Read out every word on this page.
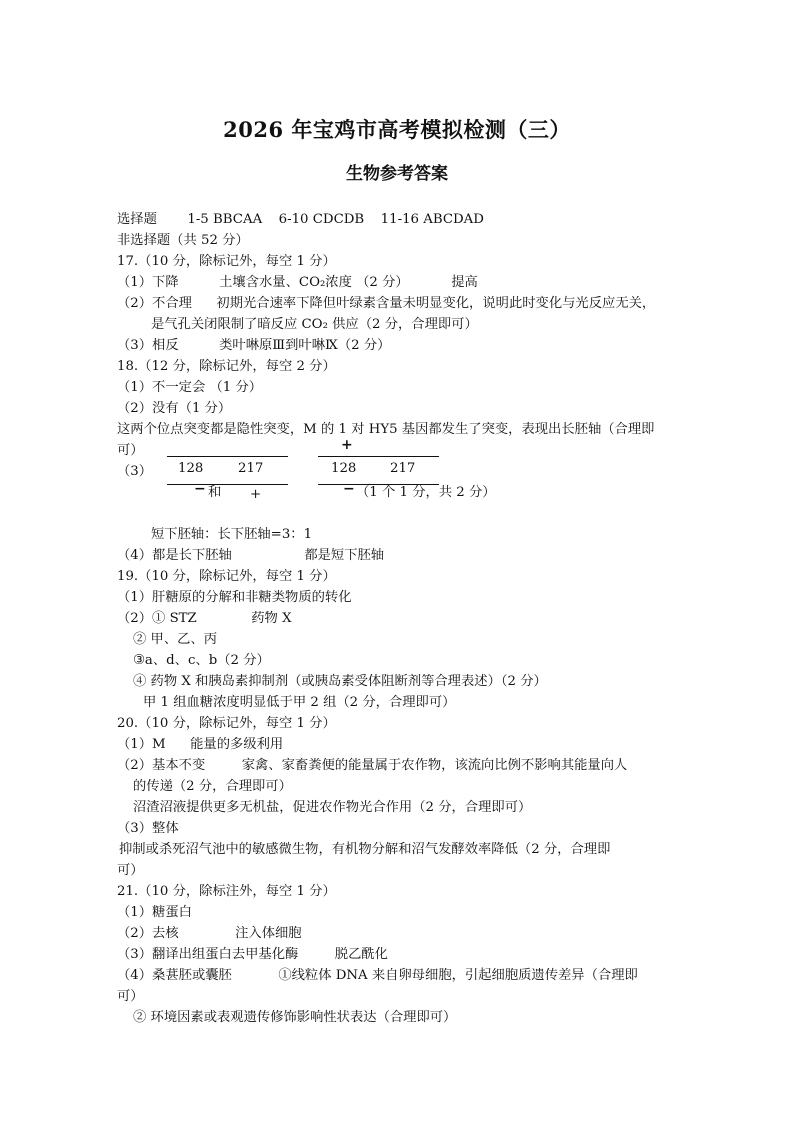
2026 年宝鸡市高考模拟检测（三）
生物参考答案
选择题 1-5 BBCAA 6-10 CDCDB 11-16 ABCDAD
非选择题（共 52 分）
17.（10 分，除标记外，每空 1 分）
（1）下降	土壤含水量、CO₂浓度 （2 分）	提高
（2）不合理 初期光合速率下降但叶绿素含量未明显变化，说明此时变化与光反应无关，
是气孔关闭限制了暗反应 CO₂ 供应（2 分，合理即可）
（3）相反	类叶啉原Ⅲ到叶啉Ⅸ（2 分）
18.（12 分，除标记外，每空 2 分）
（1）不一定会 （1 分）
（2）没有（1 分）
这两个位点突变都是隐性突变，M 的 1 对 HY5 基因都发生了突变，表现出长胚轴（合理即
可）
（3）
+
128	217	128	217
− 和 +	− （1 个 1 分，共 2 分）
短下胚轴：长下胚轴=3：1
（4）都是长下胚轴	都是短下胚轴
19.（10 分，除标记外，每空 1 分）
（1）肝糖原的分解和非糖类物质的转化
（2）① STZ	药物 X
② 甲、乙、丙
③a、d、c、b（2 分）
④ 药物 X 和胰岛素抑制剂（或胰岛素受体阻断剂等合理表述）（2 分）
甲 1 组血糖浓度明显低于甲 2 组（2 分，合理即可）
20.（10 分，除标记外，每空 1 分）
（1）M 能量的多级利用
（2）基本不变	家禽、家畜粪便的能量属于农作物，该流向比例不影响其能量向人
的传递（2 分，合理即可）
沼渣沼液提供更多无机盐，促进农作物光合作用（2 分，合理即可）
（3）整体
抑制或杀死沼气池中的敏感微生物，有机物分解和沼气发酵效率降低（2 分，合理即
可）
21.（10 分，除标注外，每空 1 分）
（1）糖蛋白
（2）去核	注入体细胞
（3）翻译出组蛋白去甲基化酶	脱乙酰化
（4）桑葚胚或囊胚	①线粒体 DNA 来自卵母细胞，引起细胞质遗传差异（合理即
可）
② 环境因素或表观遗传修饰影响性状表达（合理即可）
